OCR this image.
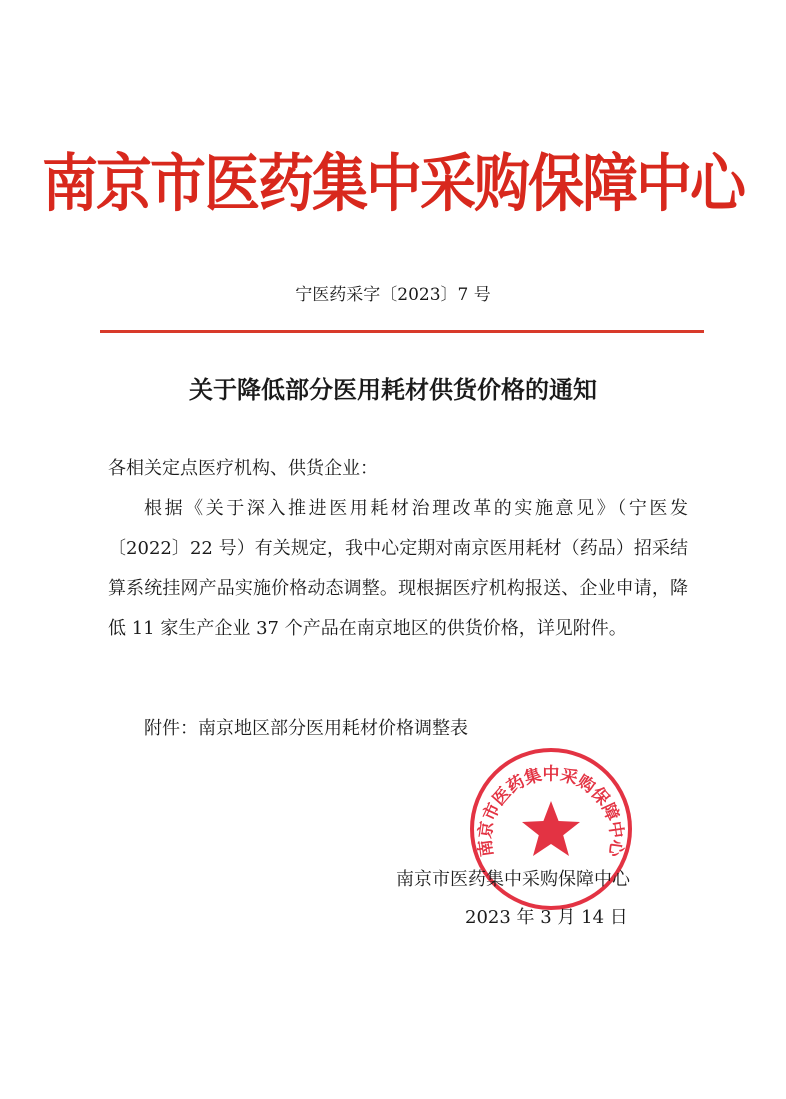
南京市医药集中采购保障中心
宁医药采字〔2023〕7 号
关于降低部分医用耗材供货价格的通知
各相关定点医疗机构、供货企业：
根据《关于深入推进医用耗材治理改革的实施意见》（宁医发〔2022〕22 号）有关规定，我中心定期对南京医用耗材（药品）招采结算系统挂网产品实施价格动态调整。现根据医疗机构报送、企业申请，降低 11 家生产企业 37 个产品在南京地区的供货价格，详见附件。
附件：南京地区部分医用耗材价格调整表
南京市医药集中采购保障中心
南京市医药集中采购保障中心
2023 年 3 月 14 日
